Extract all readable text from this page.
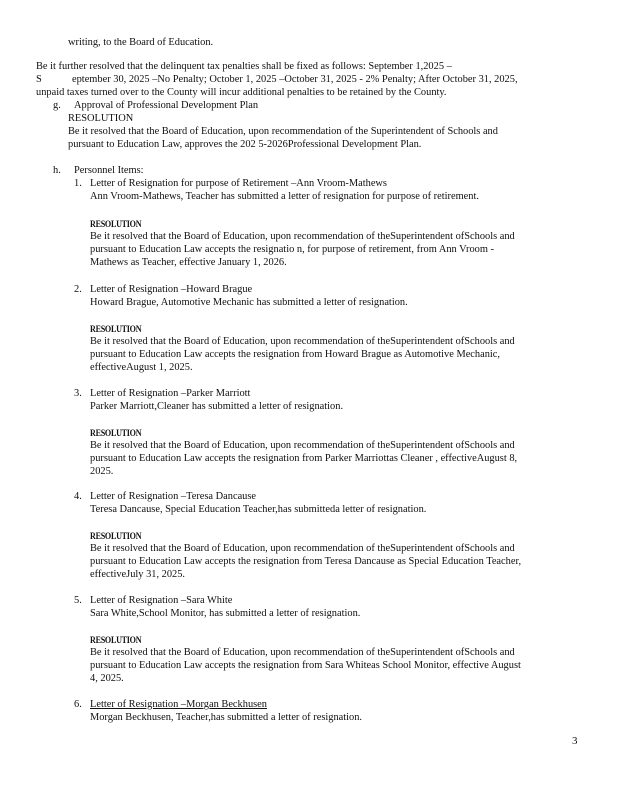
writing, to the Board of Education.
Be it further resolved that the delinquent tax penalties shall be fixed as follows: September 1,2025 –
S	eptember 30, 2025 –No Penalty; October 1, 2025 –October 31, 2025 - 2% Penalty; After October 31, 2025,
unpaid taxes turned over to the County will incur additional penalties to be retained by the County.
g. Approval of Professional Development Plan
RESOLUTION
Be it resolved that the Board of Education, upon recommendation of the Superintendent of Schools and
pursuant to Education Law, approves the 202 5-2026Professional Development Plan.
h. Personnel Items:
1. Letter of Resignation for purpose of Retirement –Ann Vroom-Mathews
Ann Vroom-Mathews, Teacher has submitted a letter of resignation for purpose of retirement.
RESOLUTION
Be it resolved that the Board of Education, upon recommendation of theSuperintendent ofSchools and
pursuant to Education Law accepts the resignatio n, for purpose of retirement, from Ann Vroom -
Mathews as Teacher, effective January 1, 2026.
2. Letter of Resignation –Howard Brague
Howard Brague, Automotive Mechanic has submitted a letter of resignation.
RESOLUTION
Be it resolved that the Board of Education, upon recommendation of theSuperintendent ofSchools and
pursuant to Education Law accepts the resignation from Howard Brague as Automotive Mechanic,
effectiveAugust 1, 2025.
3. Letter of Resignation –Parker Marriott
Parker Marriott,Cleaner has submitted a letter of resignation.
RESOLUTION
Be it resolved that the Board of Education, upon recommendation of theSuperintendent ofSchools and
pursuant to Education Law accepts the resignation from Parker Marriottas Cleaner , effectiveAugust 8,
2025.
4. Letter of Resignation –Teresa Dancause
Teresa Dancause, Special Education Teacher,has submitteda letter of resignation.
RESOLUTION
Be it resolved that the Board of Education, upon recommendation of theSuperintendent ofSchools and
pursuant to Education Law accepts the resignation from Teresa Dancause as Special Education Teacher,
effectiveJuly 31, 2025.
5. Letter of Resignation –Sara White
Sara White,School Monitor, has submitted a letter of resignation.
RESOLUTION
Be it resolved that the Board of Education, upon recommendation of theSuperintendent ofSchools and
pursuant to Education Law accepts the resignation from Sara Whiteas School Monitor, effective August
4, 2025.
6. Letter of Resignation –Morgan Beckhusen
Morgan Beckhusen, Teacher,has submitted a letter of resignation.
3
